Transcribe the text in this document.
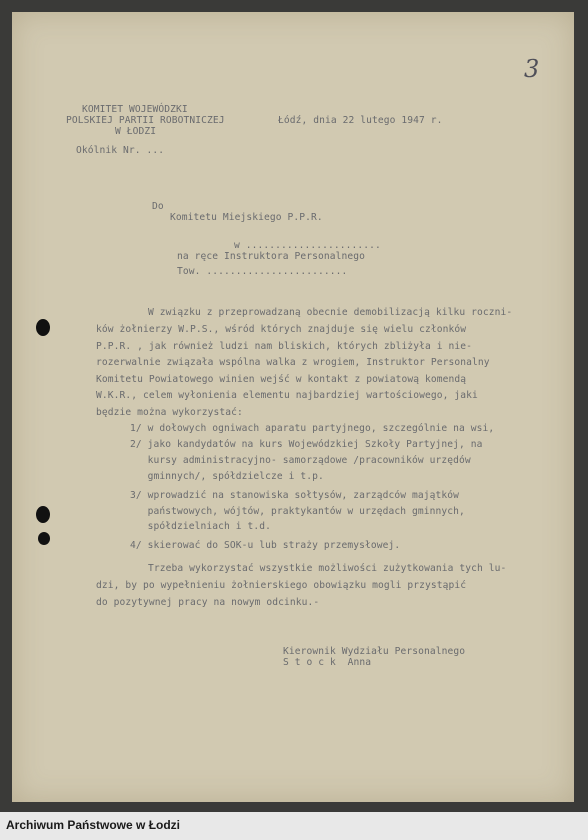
3
KOMITET WOJEWÓDZKI
POLSKIEJ PARTII ROBOTNICZEJ
W ŁODZI
Łódź, dnia 22 lutego 1947 r.
Okólnik Nr. ...
Do
Komitetu Miejskiego P.P.R.
w .......................
na ręce Instruktora Personalnego
Tow. ........................
W związku z przeprowadzaną obecnie demobilizacją kilku roczni-
ków żołnierzy W.P.S., wśród których znajduje się wielu członków
P.P.R. , jak również ludzi nam bliskich, których zbliżyła i nie-
rozerwalnie związała wspólna walka z wrogiem, Instruktor Personalny
Komitetu Powiatowego winien wejść w kontakt z powiatową komendą
W.K.R., celem wyłonienia elementu najbardziej wartościowego, jaki
będzie można wykorzystać:
1/ w dołowych ogniwach aparatu partyjnego, szczególnie na wsi,
2/ jako kandydatów na kurs Wojewódzkiej Szkoły Partyjnej, na
kursy administracyjno- samorządowe /pracowników urzędów
gminnych/, spółdzielcze i t.p.
3/ wprowadzić na stanowiska sołtysów, zarządców majątków
państwowych, wójtów, praktykantów w urzędach gminnych,
spółdzielniach i t.d.
4/ skierować do SOK-u lub straży przemysłowej.
Trzeba wykorzystać wszystkie możliwości zużytkowania tych lu-
dzi, by po wypełnieniu żołnierskiego obowiązku mogli przystąpić
do pozytywnej pracy na nowym odcinku.-
Kierownik Wydziału Personalnego
S t o c k  Anna
Archiwum Państwowe w Łodzi
